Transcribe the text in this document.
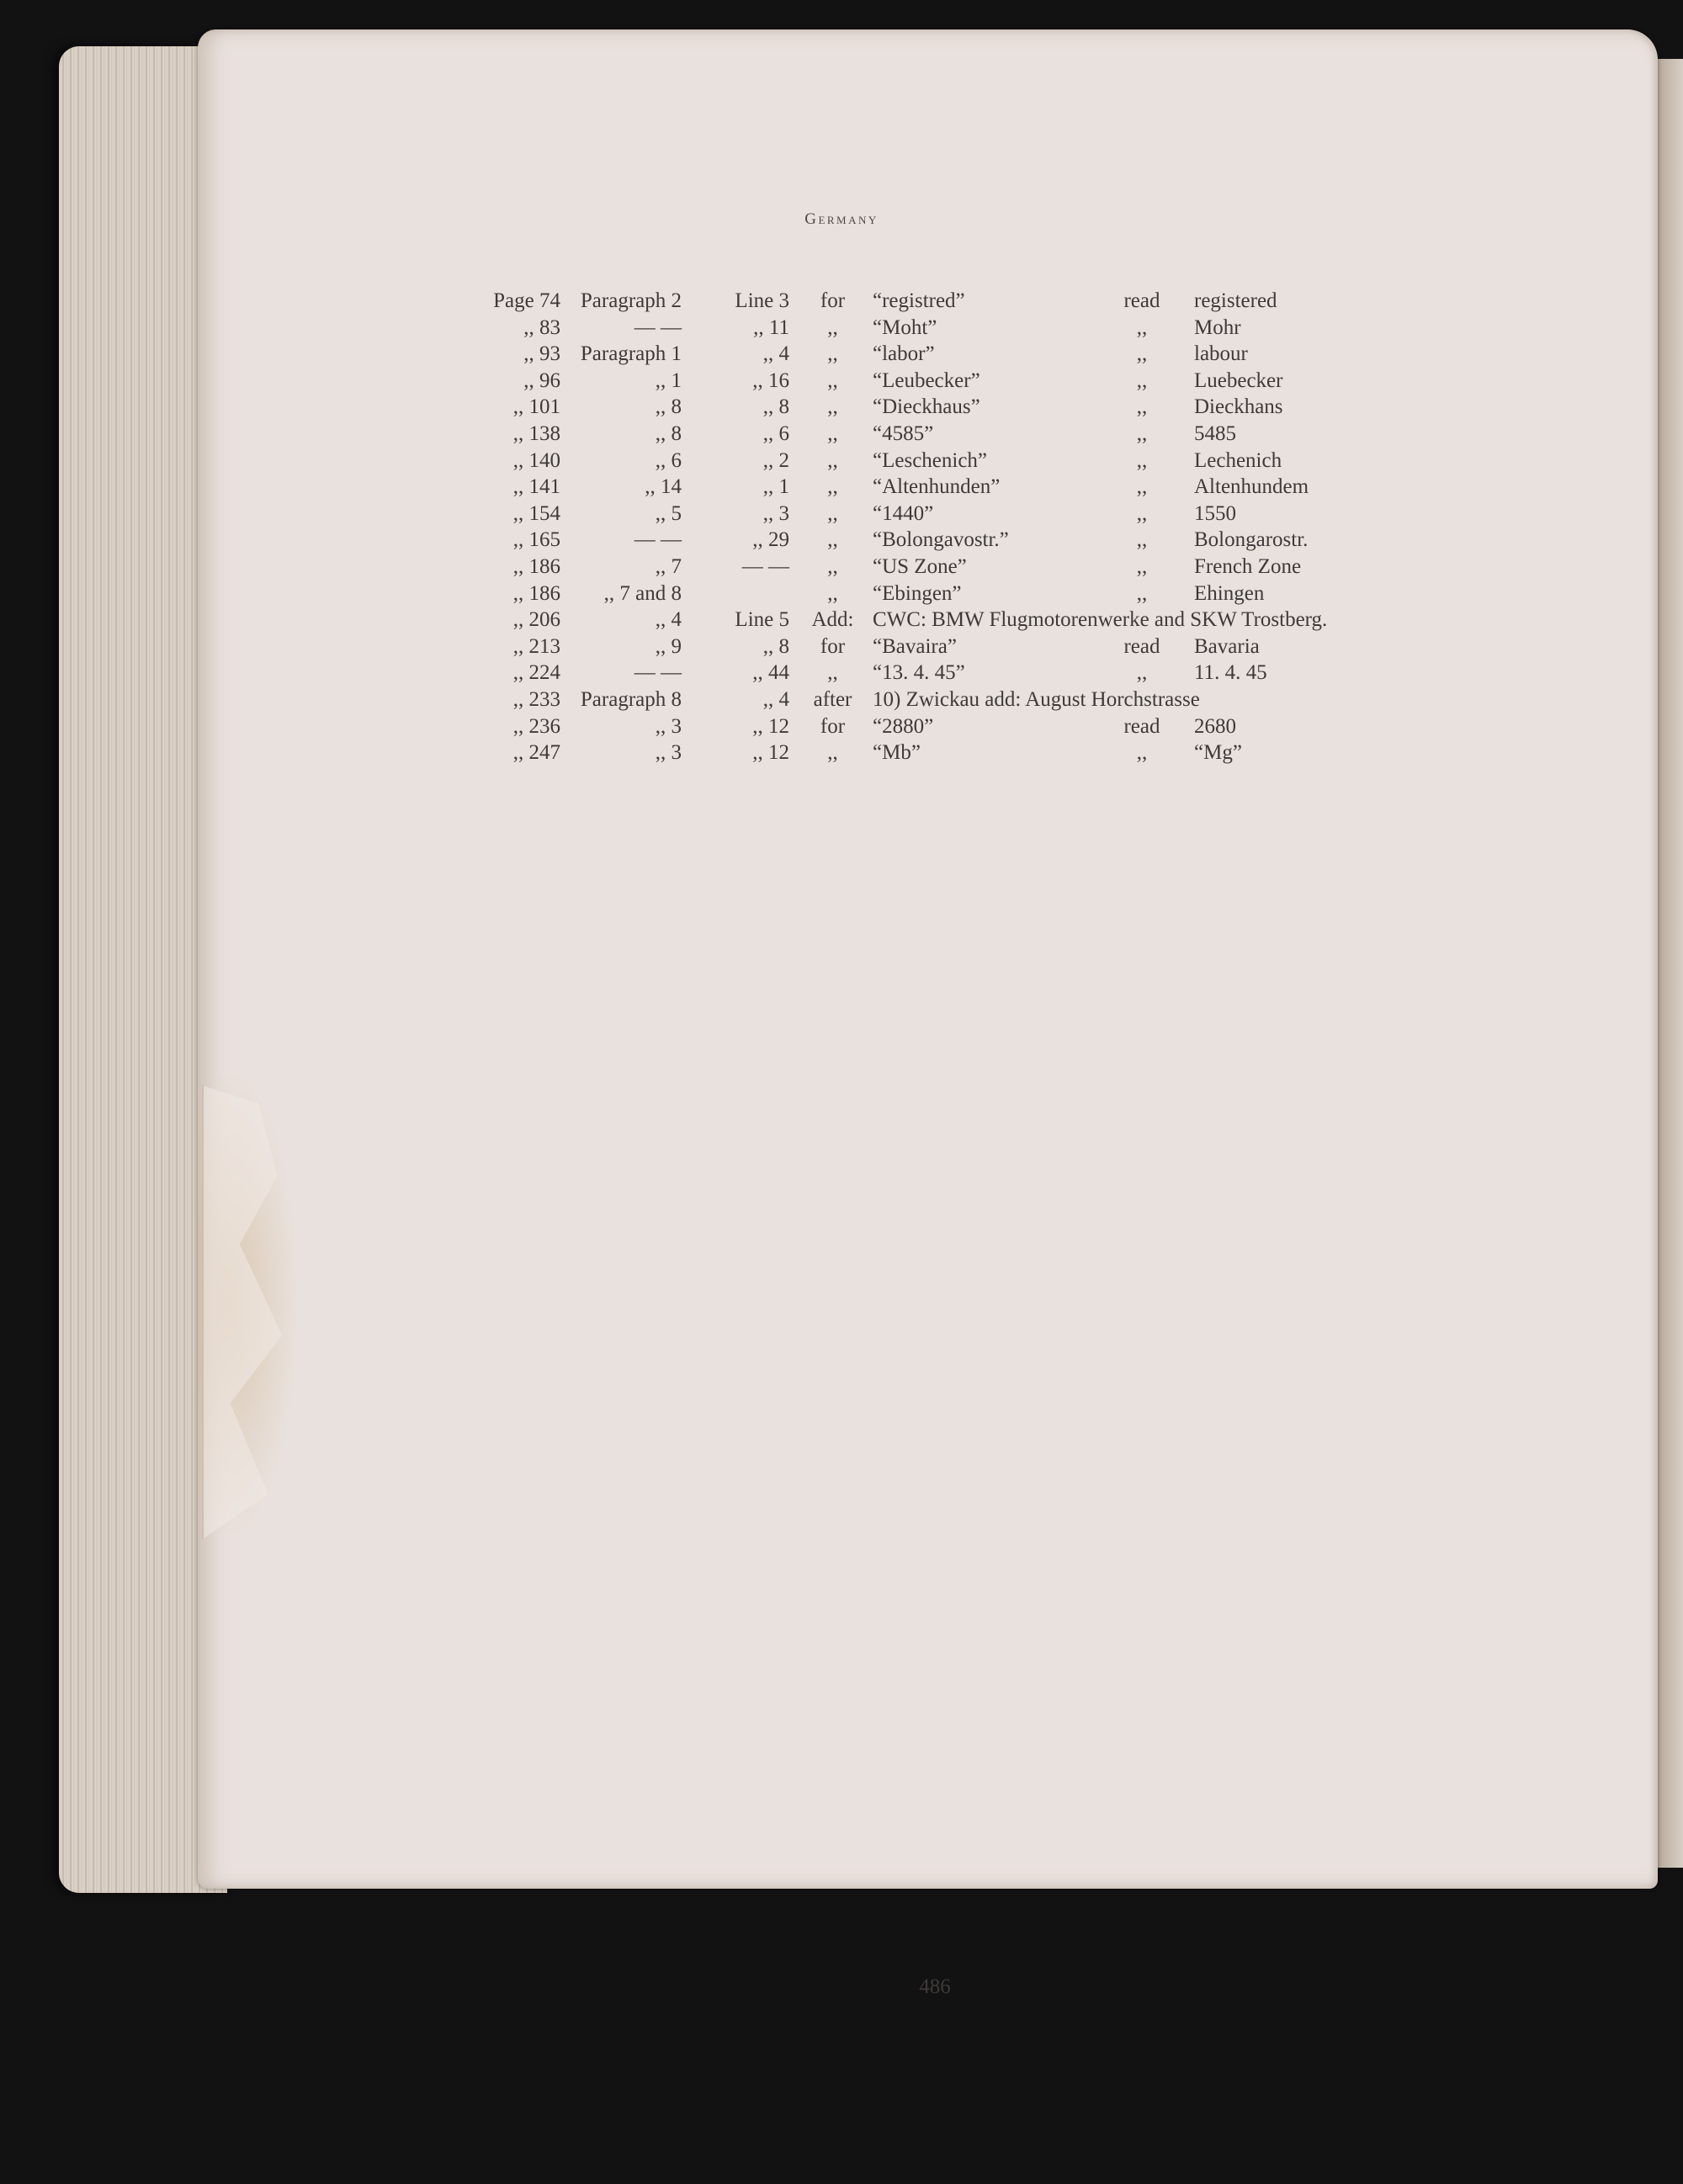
Germany
Page 74	Paragraph 2	Line 3	for	“registred”	read	registered
,, 83	— —	,, 11	,,	“Moht”	,,	Mohr
,, 93	Paragraph 1	,, 4	,,	“labor”	,,	labour
,, 96	,, 1	,, 16	,,	“Leubecker”	,,	Luebecker
,, 101	,, 8	,, 8	,,	“Dieckhaus”	,,	Dieckhans
,, 138	,, 8	,, 6	,,	“4585”	,,	5485
,, 140	,, 6	,, 2	,,	“Leschenich”	,,	Lechenich
,, 141	,, 14	,, 1	,,	“Altenhunden”	,,	Altenhundem
,, 154	,, 5	,, 3	,,	“1440”	,,	1550
,, 165	— —	,, 29	,,	“Bolongavostr.”	,,	Bolongarostr.
,, 186	,, 7	— —	,,	“US Zone”	,,	French Zone
,, 186	,, 7 and 8		,,	“Ebingen”	,,	Ehingen
,, 206	,, 4	Line 5	Add:	CWC: BMW Flugmotorenwerke and SKW Trostberg.		
,, 213	,, 9	,, 8	for	“Bavaira”	read	Bavaria
,, 224	— —	,, 44	,,	“13. 4. 45”	,,	11. 4. 45
,, 233	Paragraph 8	,, 4	after	10) Zwickau add: August Horchstrasse		
,, 236	,, 3	,, 12	for	“2880”	read	2680
,, 247	,, 3	,, 12	,,	“Mb”	,,	“Mg”
486
